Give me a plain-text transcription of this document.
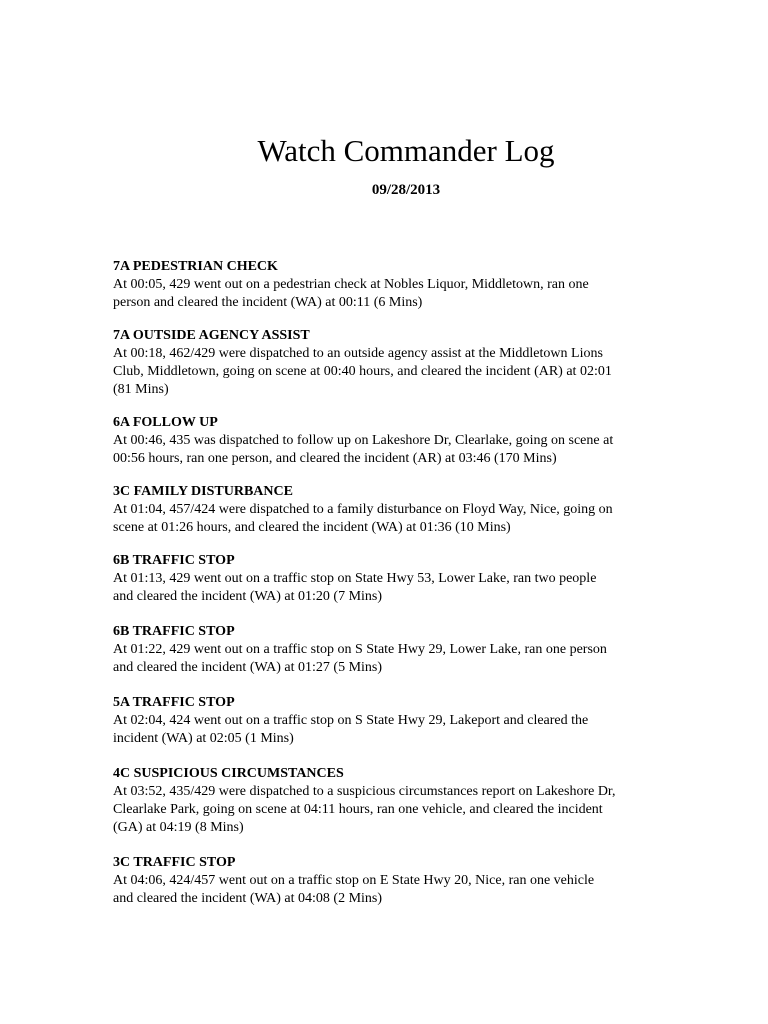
Watch Commander Log

09/28/2013

7A PEDESTRIAN CHECK

At 00:05, 429 went out on a pedestrian check at Nobles Liquor, Middletown, ran one

person and cleared the incident (WA) at 00:11 (6 Mins)

7A OUTSIDE AGENCY ASSIST

At 00:18, 462/429 were dispatched to an outside agency assist at the Middletown Lions

Club, Middletown, going on scene at 00:40 hours, and cleared the incident (AR) at 02:01

(81 Mins)

6A FOLLOW UP

At 00:46, 435 was dispatched to follow up on Lakeshore Dr, Clearlake, going on scene at

00:56 hours, ran one person, and cleared the incident (AR) at 03:46 (170 Mins)

3C FAMILY DISTURBANCE

At 01:04, 457/424 were dispatched to a family disturbance on Floyd Way, Nice, going on

scene at 01:26 hours, and cleared the incident (WA) at 01:36 (10 Mins)

6B TRAFFIC STOP

At 01:13, 429 went out on a traffic stop on State Hwy 53, Lower Lake, ran two people

and cleared the incident (WA) at 01:20 (7 Mins)

6B TRAFFIC STOP

At 01:22, 429 went out on a traffic stop on S State Hwy 29, Lower Lake, ran one person

and cleared the incident (WA) at 01:27 (5 Mins)

5A TRAFFIC STOP

At 02:04, 424 went out on a traffic stop on S State Hwy 29, Lakeport and cleared the

incident (WA) at 02:05 (1 Mins)

4C SUSPICIOUS CIRCUMSTANCES

At 03:52, 435/429 were dispatched to a suspicious circumstances report on Lakeshore Dr,

Clearlake Park, going on scene at 04:11 hours, ran one vehicle, and cleared the incident

(GA) at 04:19 (8 Mins)

3C TRAFFIC STOP

At 04:06, 424/457 went out on a traffic stop on E State Hwy 20, Nice, ran one vehicle

and cleared the incident (WA) at 04:08 (2 Mins)
